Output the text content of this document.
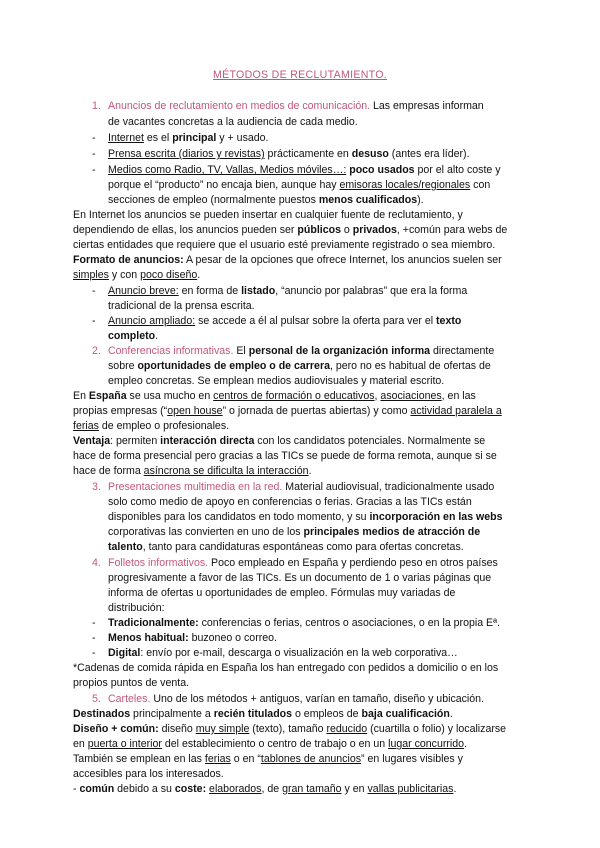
MÉTODOS DE RECLUTAMIENTO.
1. Anuncios de reclutamiento en medios de comunicación. Las empresas informan
de vacantes concretas a la audiencia de cada medio.
- Internet es el principal y + usado.
- Prensa escrita (diarios y revistas) prácticamente en desuso (antes era líder).
- Medios como Radio, TV, Vallas, Medios móviles…: poco usados por el alto coste y
porque el “producto” no encaja bien, aunque hay emisoras locales/regionales con
secciones de empleo (normalmente puestos menos cualificados).
En Internet los anuncios se pueden insertar en cualquier fuente de reclutamiento, y
dependiendo de ellas, los anuncios pueden ser públicos o privados, +común para webs de
ciertas entidades que requiere que el usuario esté previamente registrado o sea miembro.
Formato de anuncios: A pesar de la opciones que ofrece Internet, los anuncios suelen ser
simples y con poco diseño.
- Anuncio breve: en forma de listado, “anuncio por palabras” que era la forma
tradicional de la prensa escrita.
- Anuncio ampliado: se accede a él al pulsar sobre la oferta para ver el texto
completo.
2. Conferencias informativas. El personal de la organización informa directamente
sobre oportunidades de empleo o de carrera, pero no es habitual de ofertas de
empleo concretas. Se emplean medios audiovisuales y material escrito.
En España se usa mucho en centros de formación o educativos, asociaciones, en las
propias empresas (“open house” o jornada de puertas abiertas) y como actividad paralela a
ferias de empleo o profesionales.
Ventaja: permiten interacción directa con los candidatos potenciales. Normalmente se
hace de forma presencial pero gracias a las TICs se puede de forma remota, aunque si se
hace de forma asíncrona se dificulta la interacción.
3. Presentaciones multimedia en la red. Material audiovisual, tradicionalmente usado
solo como medio de apoyo en conferencias o ferias. Gracias a las TICs están
disponibles para los candidatos en todo momento, y su incorporación en las webs
corporativas las convierten en uno de los principales medios de atracción de
talento, tanto para candidaturas espontáneas como para ofertas concretas.
4. Folletos informativos. Poco empleado en España y perdiendo peso en otros países
progresivamente a favor de las TICs. Es un documento de 1 o varias páginas que
informa de ofertas u oportunidades de empleo. Fórmulas muy variadas de
distribución:
- Tradicionalmente: conferencias o ferias, centros o asociaciones, o en la propia Eª.
- Menos habitual: buzoneo o correo.
- Digital: envío por e-mail, descarga o visualización en la web corporativa…
*Cadenas de comida rápida en España los han entregado con pedidos a domicilio o en los
propios puntos de venta.
5. Carteles. Uno de los métodos + antiguos, varían en tamaño, diseño y ubicación.
Destinados principalmente a recién titulados o empleos de baja cualificación.
Diseño + común: diseño muy simple (texto), tamaño reducido (cuartilla o folio) y localizarse
en puerta o interior del establecimiento o centro de trabajo o en un lugar concurrido.
También se emplean en las ferias o en “tablones de anuncios” en lugares visibles y
accesibles para los interesados.
- común debido a su coste: elaborados, de gran tamaño y en vallas publicitarias.
